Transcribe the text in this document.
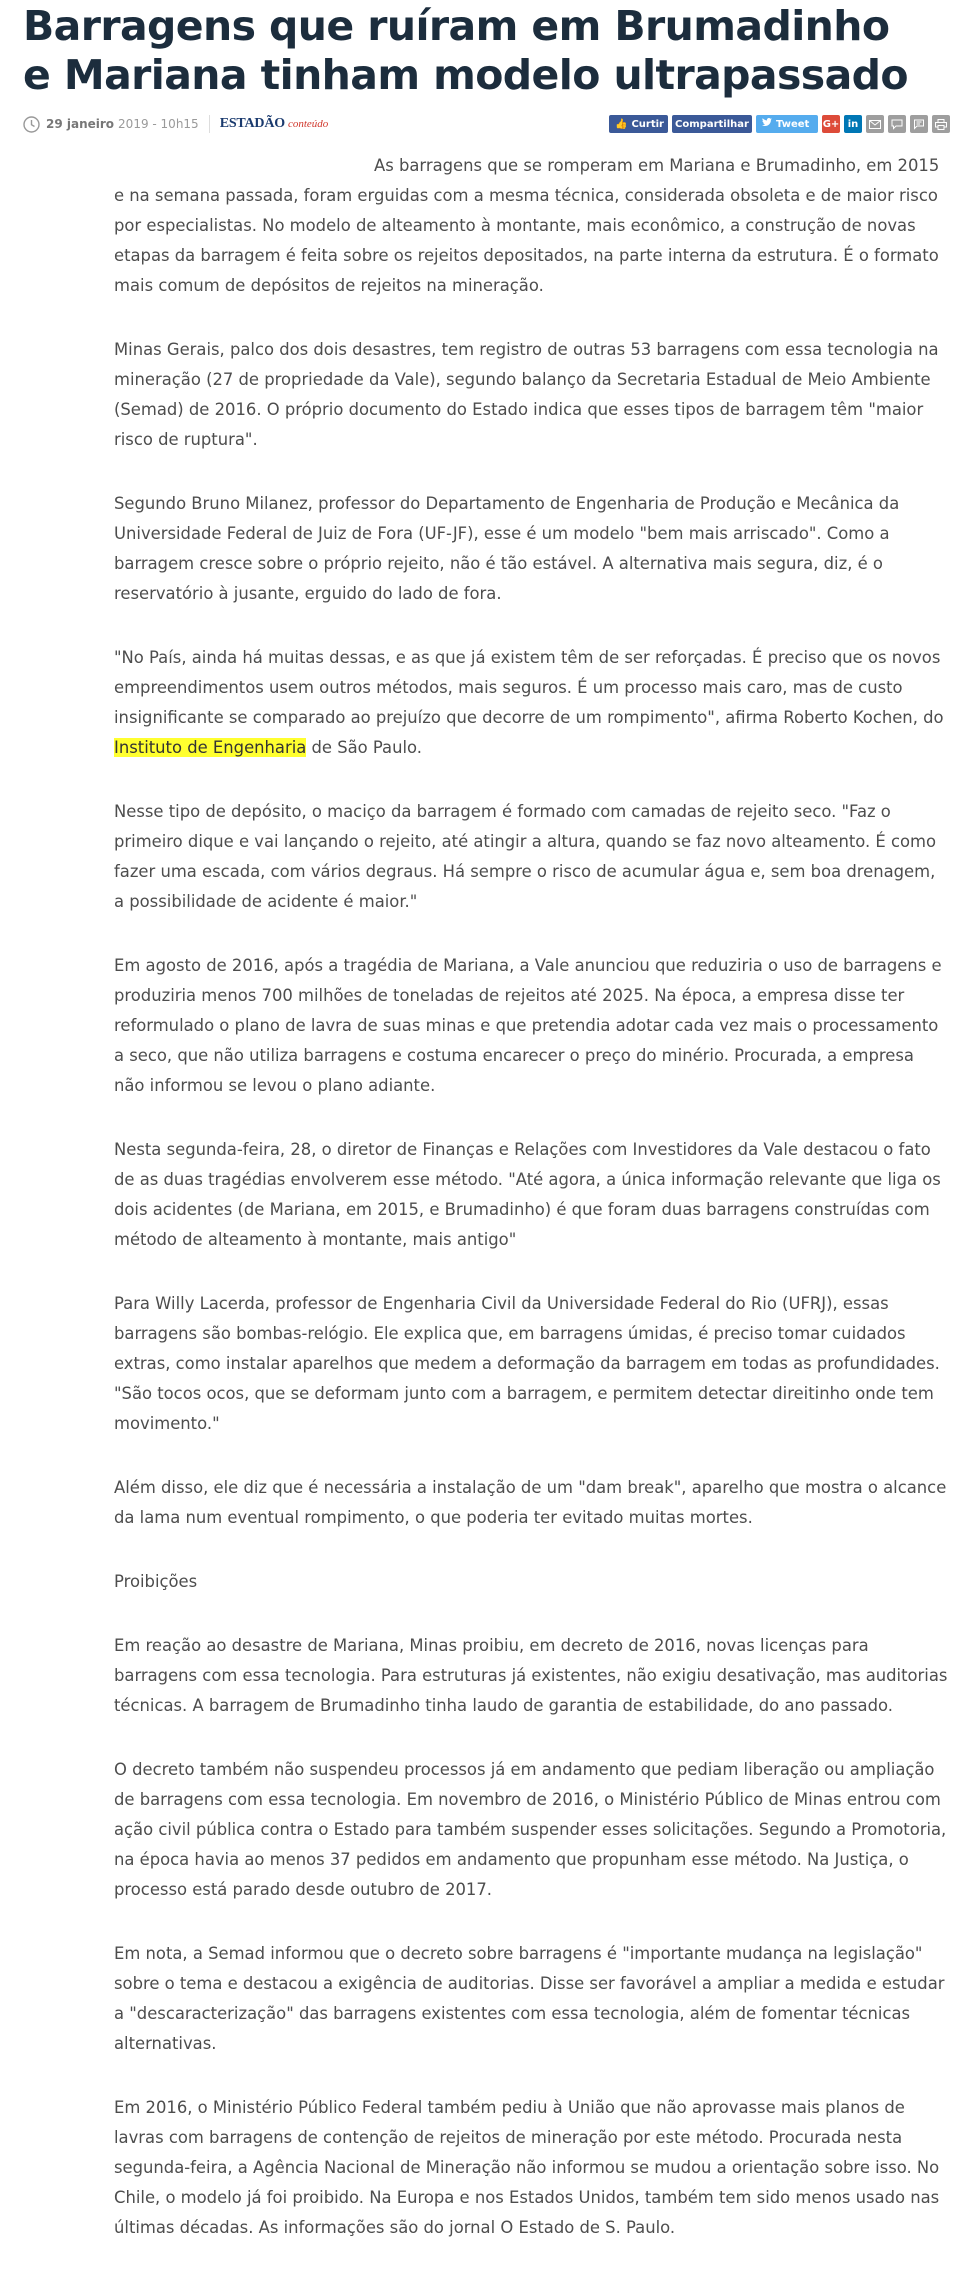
Barragens que ruíram em Brumadinho
e Mariana tinham modelo ultrapassado
29 janeiro 2019 - 10h15 ESTADÃO conteúdo	👍 Curtir	Compartilhar	Tweet G+ in

As barragens que se romperam em Mariana e Brumadinho, em 2015 e na semana passada, foram erguidas com a mesma técnica, considerada obsoleta e de maior risco por especialistas. No modelo de alteamento à montante, mais econômico, a construção de novas etapas da barragem é feita sobre os rejeitos depositados, na parte interna da estrutura. É o formato mais comum de depósitos de rejeitos na mineração.

Minas Gerais, palco dos dois desastres, tem registro de outras 53 barragens com essa tecnologia na mineração (27 de propriedade da Vale), segundo balanço da Secretaria Estadual de Meio Ambiente (Semad) de 2016. O próprio documento do Estado indica que esses tipos de barragem têm "maior risco de ruptura".

Segundo Bruno Milanez, professor do Departamento de Engenharia de Produção e Mecânica da Universidade Federal de Juiz de Fora (UF-JF), esse é um modelo "bem mais arriscado". Como a barragem cresce sobre o próprio rejeito, não é tão estável. A alternativa mais segura, diz, é o reservatório à jusante, erguido do lado de fora.

"No País, ainda há muitas dessas, e as que já existem têm de ser reforçadas. É preciso que os novos empreendimentos usem outros métodos, mais seguros. É um processo mais caro, mas de custo insignificante se comparado ao prejuízo que decorre de um rompimento", afirma Roberto Kochen, do Instituto de Engenharia de São Paulo.

Nesse tipo de depósito, o maciço da barragem é formado com camadas de rejeito seco. "Faz o primeiro dique e vai lançando o rejeito, até atingir a altura, quando se faz novo alteamento. É como fazer uma escada, com vários degraus. Há sempre o risco de acumular água e, sem boa drenagem, a possibilidade de acidente é maior."

Em agosto de 2016, após a tragédia de Mariana, a Vale anunciou que reduziria o uso de barragens e produziria menos 700 milhões de toneladas de rejeitos até 2025. Na época, a empresa disse ter reformulado o plano de lavra de suas minas e que pretendia adotar cada vez mais o processamento a seco, que não utiliza barragens e costuma encarecer o preço do minério. Procurada, a empresa não informou se levou o plano adiante.

Nesta segunda-feira, 28, o diretor de Finanças e Relações com Investidores da Vale destacou o fato de as duas tragédias envolverem esse método. "Até agora, a única informação relevante que liga os dois acidentes (de Mariana, em 2015, e Brumadinho) é que foram duas barragens construídas com método de alteamento à montante, mais antigo"

Para Willy Lacerda, professor de Engenharia Civil da Universidade Federal do Rio (UFRJ), essas barragens são bombas-relógio. Ele explica que, em barragens úmidas, é preciso tomar cuidados extras, como instalar aparelhos que medem a deformação da barragem em todas as profundidades. "São tocos ocos, que se deformam junto com a barragem, e permitem detectar direitinho onde tem movimento."

Além disso, ele diz que é necessária a instalação de um "dam break", aparelho que mostra o alcance da lama num eventual rompimento, o que poderia ter evitado muitas mortes.

Proibições

Em reação ao desastre de Mariana, Minas proibiu, em decreto de 2016, novas licenças para barragens com essa tecnologia. Para estruturas já existentes, não exigiu desativação, mas auditorias técnicas. A barragem de Brumadinho tinha laudo de garantia de estabilidade, do ano passado.

O decreto também não suspendeu processos já em andamento que pediam liberação ou ampliação de barragens com essa tecnologia. Em novembro de 2016, o Ministério Público de Minas entrou com ação civil pública contra o Estado para também suspender esses solicitações. Segundo a Promotoria, na época havia ao menos 37 pedidos em andamento que propunham esse método. Na Justiça, o processo está parado desde outubro de 2017.

Em nota, a Semad informou que o decreto sobre barragens é "importante mudança na legislação" sobre o tema e destacou a exigência de auditorias. Disse ser favorável a ampliar a medida e estudar a "descaracterização" das barragens existentes com essa tecnologia, além de fomentar técnicas alternativas.

Em 2016, o Ministério Público Federal também pediu à União que não aprovasse mais planos de lavras com barragens de contenção de rejeitos de mineração por este método. Procurada nesta segunda-feira, a Agência Nacional de Mineração não informou se mudou a orientação sobre isso. No Chile, o modelo já foi proibido. Na Europa e nos Estados Unidos, também tem sido menos usado nas últimas décadas. As informações são do jornal O Estado de S. Paulo.
